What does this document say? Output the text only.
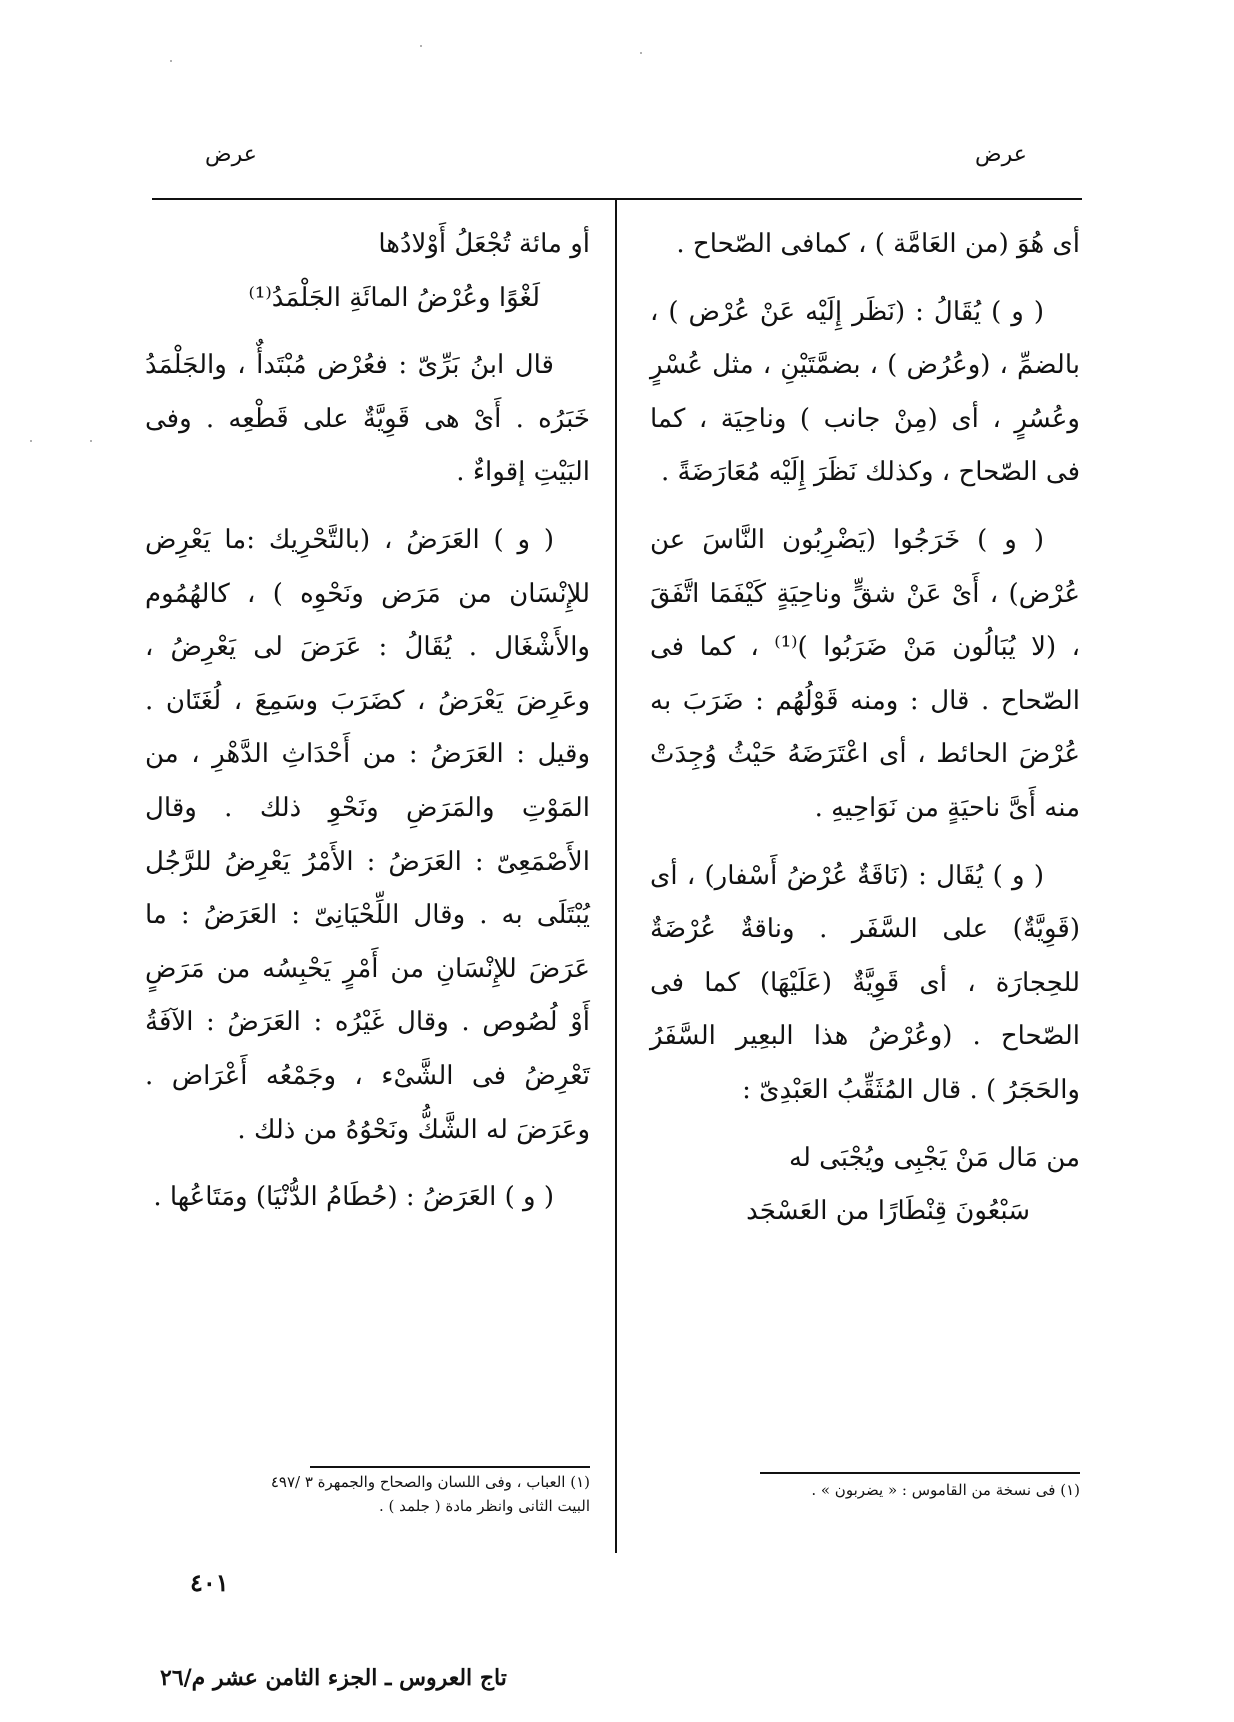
عرض
عرض

أى هُوَ (من العَامَّة ) ، كمافى الصّحاح .

( و ) يُقَالُ : (نَظَر إِلَيْه عَنْ عُرْض ) ، بالضمِّ ، (وعُرُض ) ، بضمَّتَيْنِ ، مثل عُسْرٍ وعُسُرٍ ، أى (مِنْ جانب ) وناحِيَة ، كما فى الصّحاح ، وكذلك نَظَرَ إِلَيْه مُعَارَضَةً .

( و ) خَرَجُوا (يَضْرِبُون النَّاسَ عن عُرْض) ، أَىْ عَنْ شقٍّ وناحِيَةٍ كَيْفَمَا اتَّفَقَ ، (لا يُبَالُون مَنْ ضَرَبُوا )⁽¹⁾ ، كما فى الصّحاح . قال : ومنه قَوْلُهُم : ضَرَبَ به عُرْضَ الحائط ، أى اعْتَرَضَهُ حَيْثُ وُجِدَتْ منه أَىَّ ناحيَةٍ من نَوَاحِيهِ .

( و ) يُقَال : (نَاقَةٌ عُرْضُ أَسْفار) ، أى (قَوِيَّةٌ) على السَّفَر . وناقةٌ عُرْضَةٌ للحِجارَة ، أى قَوِيَّةٌ (عَلَيْهَا) كما فى الصّحاح . (وعُرْضُ هذا البعِير السَّفَرُ والحَجَرُ ) . قال المُثَقِّبُ العَبْدِىّ :

من مَال مَنْ يَجْبِى ويُجْبَى له
سَبْعُونَ قِنْطَارًا من العَسْجَد
أو مائة تُجْعَلُ أَوْلادُها
لَغْوًا وعُرْضُ المائَةِ الجَلْمَدُ⁽¹⁾

قال ابنُ بَرِّىّ : فعُرْض مُبْتَدأٌ ، والجَلْمَدُ خَبَرُه . أَىْ هى قَوِيَّةٌ على قَطْعِه . وفى البَيْتِ إقواءٌ .

( و ) العَرَضُ ، (بالتَّحْرِيك :ما يَعْرِض للإِنْسَان من مَرَض ونَحْوِه ) ، كالهُمُوم والأَشْغَال . يُقَالُ : عَرَضَ لى يَعْرِضُ ، وعَرِضَ يَعْرَضُ ، كضَرَبَ وسَمِعَ ، لُغَتَان . وقيل : العَرَضُ : من أَحْدَاثِ الدَّهْرِ ، من المَوْتِ والمَرَضِ ونَحْوِ ذلك . وقال الأَصْمَعِىّ : العَرَضُ : الأَمْرُ يَعْرِضُ للرَّجُل يُبْتَلَى به . وقال اللِّحْيَانِىّ : العَرَضُ : ما عَرَضَ للإِنْسَانِ من أَمْرٍ يَحْبِسُه من مَرَضٍ أَوْ لُصُوص . وقال غَيْرُه : العَرَضُ : الآفَةُ تَعْرِضُ فى الشَّىْء ، وجَمْعُه أَعْرَاض . وعَرَضَ له الشَّكُّ ونَحْوُهُ من ذلك .

( و ) العَرَضُ : (حُطَامُ الدُّنْيَا) ومَتَاعُها .

(١) فى نسخة من القاموس : « يضربون » .
(١) العباب ، وفى اللسان والصحاح والجمهرة ٣ /٤٩٧
البيت الثانى وانظر مادة ( جلمد ) .
٤٠١
تاج العروس ـ الجزء الثامن عشر م/٢٦
